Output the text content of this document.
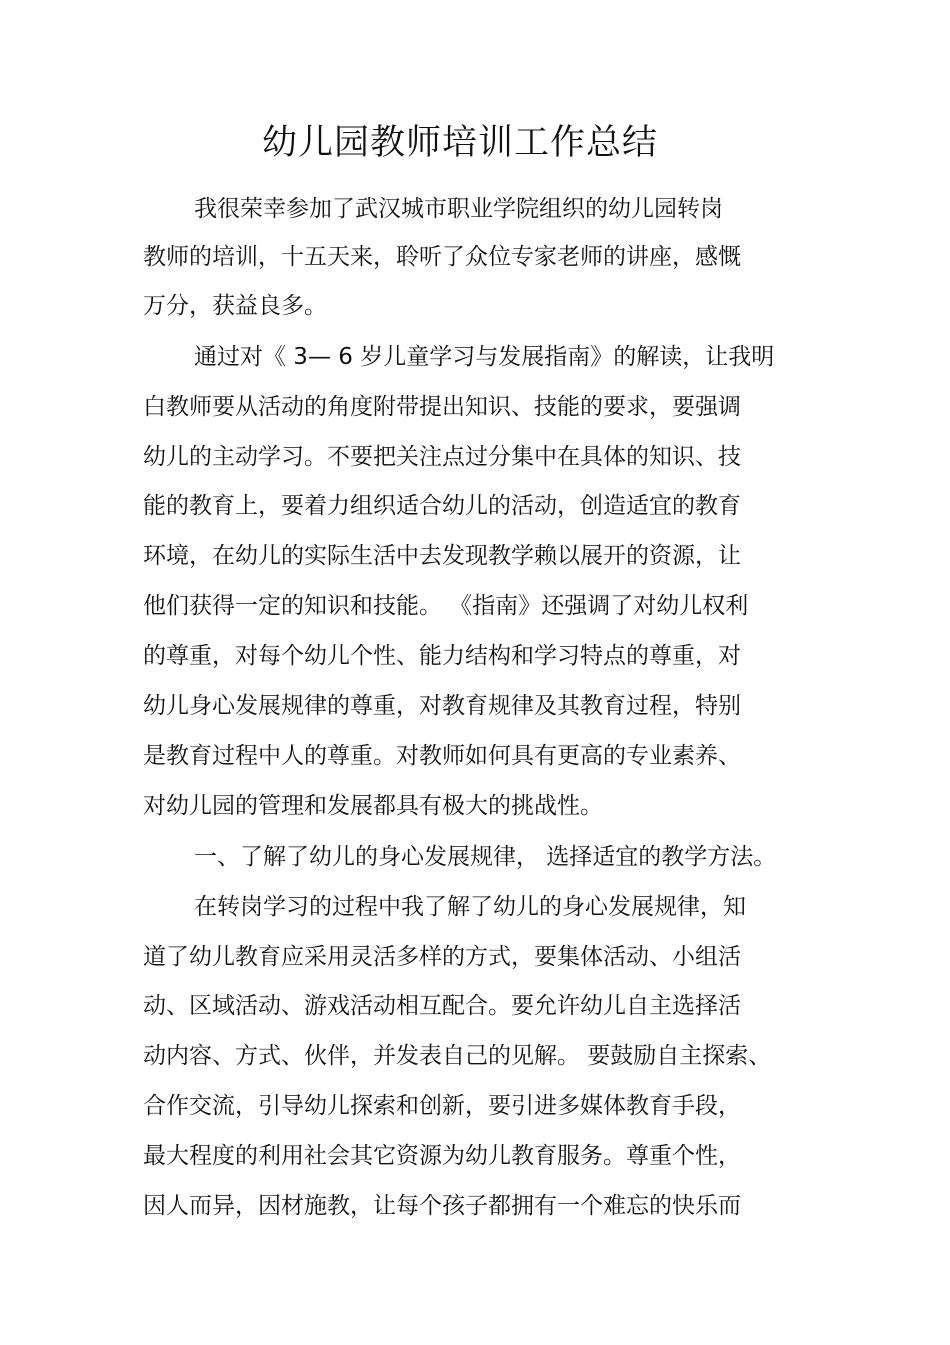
幼儿园教师培训工作总结

我很荣幸参加了武汉城市职业学院组织的幼儿园转岗

教师的培训，十五天来，聆听了众位专家老师的讲座，感慨

万分，获益良多。

通过对《 3— 6 岁儿童学习与发展指南》的解读，让我明

白教师要从活动的角度附带提出知识、技能的要求，要强调

幼儿的主动学习。不要把关注点过分集中在具体的知识、技

能的教育上，要着力组织适合幼儿的活动，创造适宜的教育

环境，在幼儿的实际生活中去发现教学赖以展开的资源，让

他们获得一定的知识和技能。 《指南》还强调了对幼儿权利

的尊重，对每个幼儿个性、能力结构和学习特点的尊重，对

幼儿身心发展规律的尊重，对教育规律及其教育过程，特别

是教育过程中人的尊重。对教师如何具有更高的专业素养、

对幼儿园的管理和发展都具有极大的挑战性。

一、了解了幼儿的身心发展规律， 选择适宜的教学方法。

在转岗学习的过程中我了解了幼儿的身心发展规律，知

道了幼儿教育应采用灵活多样的方式，要集体活动、小组活

动、区域活动、游戏活动相互配合。要允许幼儿自主选择活

动内容、方式、伙伴，并发表自己的见解。 要鼓励自主探索、

合作交流，引导幼儿探索和创新，要引进多媒体教育手段，

最大程度的利用社会其它资源为幼儿教育服务。尊重个性，

因人而异，因材施教，让每个孩子都拥有一个难忘的快乐而
